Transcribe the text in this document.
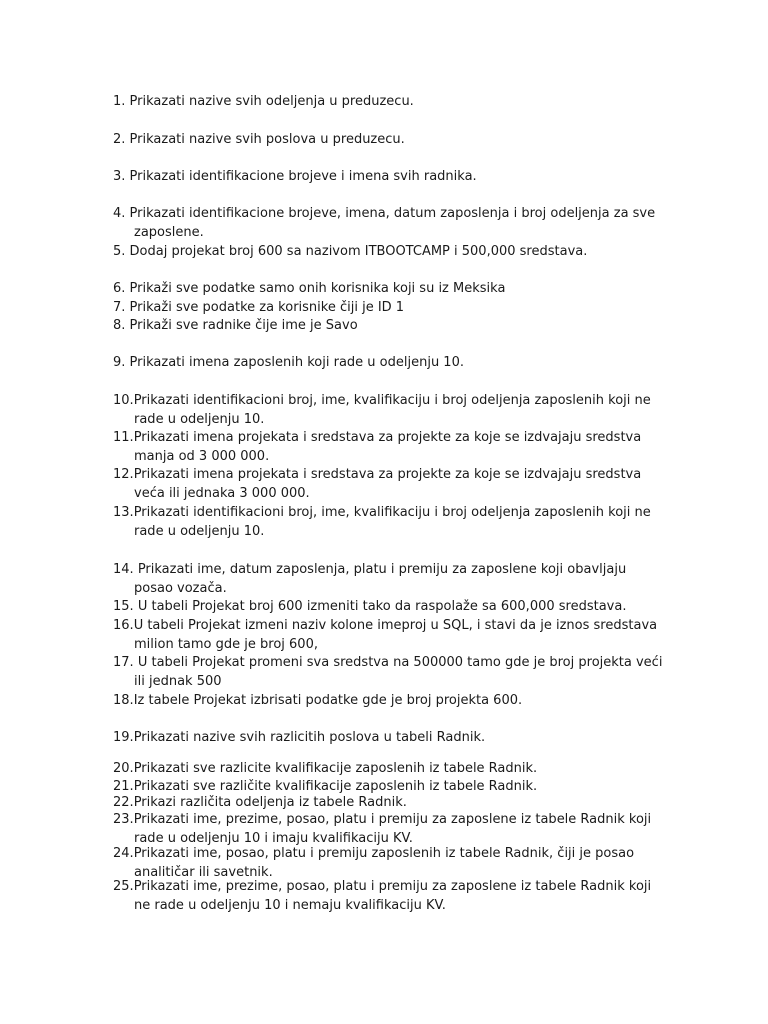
1. Prikazati nazive svih odeljenja u preduzecu.
2. Prikazati nazive svih poslova u preduzecu.
3. Prikazati identifikacione brojeve i imena svih radnika.
4. Prikazati identifikacione brojeve, imena, datum zaposlenja i broj odeljenja za sve
zaposlene.
5. Dodaj projekat broj 600 sa nazivom ITBOOTCAMP i 500,000 sredstava.
6. Prikaži sve podatke samo onih korisnika koji su iz Meksika
7. Prikaži sve podatke za korisnike čiji je ID 1
8. Prikaži sve radnike čije ime je Savo
9. Prikazati imena zaposlenih koji rade u odeljenju 10.
10.Prikazati identifikacioni broj, ime, kvalifikaciju i broj odeljenja zaposlenih koji ne
rade u odeljenju 10.
11.Prikazati imena projekata i sredstava za projekte za koje se izdvajaju sredstva
manja od 3 000 000.
12.Prikazati imena projekata i sredstava za projekte za koje se izdvajaju sredstva
veća ili jednaka 3 000 000.
13.Prikazati identifikacioni broj, ime, kvalifikaciju i broj odeljenja zaposlenih koji ne
rade u odeljenju 10.
14. Prikazati ime, datum zaposlenja, platu i premiju za zaposlene koji obavljaju
posao vozača.
15. U tabeli Projekat broj 600 izmeniti tako da raspolaže sa 600,000 sredstava.
16.U tabeli Projekat izmeni naziv kolone imeproj u SQL, i stavi da je iznos sredstava
milion tamo gde je broj 600,
17. U tabeli Projekat promeni sva sredstva na 500000 tamo gde je broj projekta veći
ili jednak 500
18.Iz tabele Projekat izbrisati podatke gde je broj projekta 600.
19.Prikazati nazive svih razlicitih poslova u tabeli Radnik.
20.Prikazati sve razlicite kvalifikacije zaposlenih iz tabele Radnik.
21.Prikazati sve različite kvalifikacije zaposlenih iz tabele Radnik.
22.Prikazi različita odeljenja iz tabele Radnik.
23.Prikazati ime, prezime, posao, platu i premiju za zaposlene iz tabele Radnik koji
rade u odeljenju 10 i imaju kvalifikaciju KV.
24.Prikazati ime, posao, platu i premiju zaposlenih iz tabele Radnik, čiji je posao
analitičar ili savetnik.
25.Prikazati ime, prezime, posao, platu i premiju za zaposlene iz tabele Radnik koji
ne rade u odeljenju 10 i nemaju kvalifikaciju KV.
